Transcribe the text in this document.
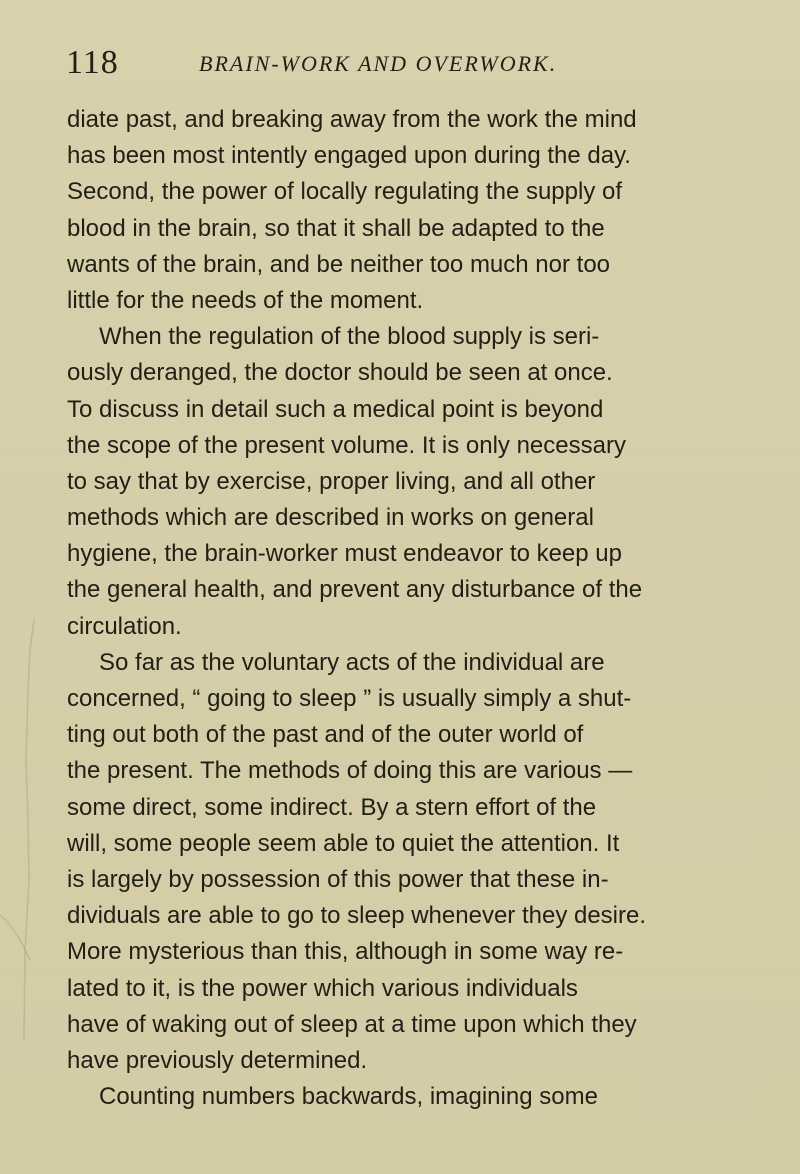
118	BRAIN-WORK AND OVERWORK.
diate past, and breaking away from the work the mind
has been most intently engaged upon during the day.
Second, the power of locally regulating the supply of
blood in the brain, so that it shall be adapted to the
wants of the brain, and be neither too much nor too
little for the needs of the moment.
When the regulation of the blood supply is seri-
ously deranged, the doctor should be seen at once.
To discuss in detail such a medical point is beyond
the scope of the present volume. It is only necessary
to say that by exercise, proper living, and all other
methods which are described in works on general
hygiene, the brain-worker must endeavor to keep up
the general health, and prevent any disturbance of the
circulation.
So far as the voluntary acts of the individual are
concerned, “ going to sleep ” is usually simply a shut-
ting out both of the past and of the outer world of
the present. The methods of doing this are various —
some direct, some indirect. By a stern effort of the
will, some people seem able to quiet the attention. It
is largely by possession of this power that these in-
dividuals are able to go to sleep whenever they desire.
More mysterious than this, although in some way re-
lated to it, is the power which various individuals
have of waking out of sleep at a time upon which they
have previously determined.
Counting numbers backwards, imagining some
